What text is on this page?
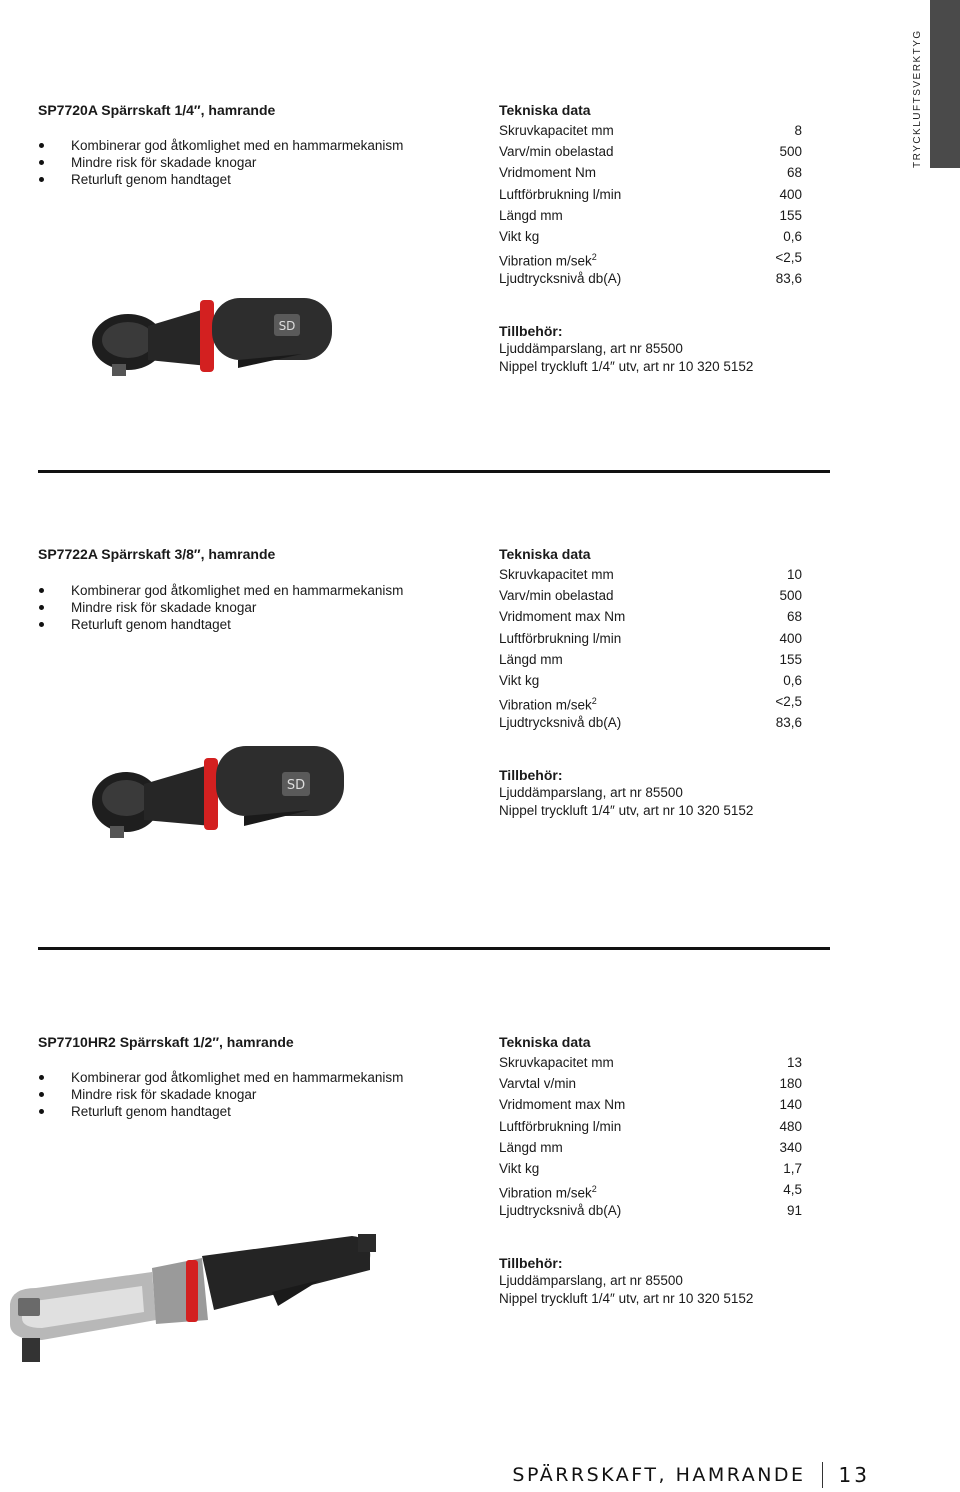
TRYCKLUFTSVERKTYG
SP7720A Spärrskaft 1/4″, hamrande
Kombinerar god åtkomlighet med en hammarmekanism
Mindre risk för skadade knogar
Returluft genom handtaget
Tekniska data
Skruvkapacitet mm	8
Varv/min obelastad	500
Vridmoment Nm	68
Luftförbrukning l/min	400
Längd mm	155
Vikt kg	0,6
Vibration m/sek$^2$	<2,5
Ljudtrycksnivå db(A)	83,6
SD	Tillbehör:
Ljuddämparslang, art nr 85500
Nippel tryckluft 1/4″ utv, art nr 10 320 5152
SP7722A Spärrskaft 3/8″, hamrande
Kombinerar god åtkomlighet med en hammarmekanism
Mindre risk för skadade knogar
Returluft genom handtaget
Tekniska data
Skruvkapacitet mm	10
Varv/min obelastad	500
Vridmoment max Nm	68
Luftförbrukning l/min	400
Längd mm	155
Vikt kg	0,6
Vibration m/sek$^2$	<2,5
Ljudtrycksnivå db(A)	83,6
SD
Tillbehör:
Ljuddämparslang, art nr 85500
Nippel tryckluft 1/4″ utv, art nr 10 320 5152
SP7710HR2 Spärrskaft 1/2″, hamrande
Kombinerar god åtkomlighet med en hammarmekanism
Mindre risk för skadade knogar
Returluft genom handtaget
Tekniska data
Skruvkapacitet mm	13
Varvtal v/min	180
Vridmoment max Nm	140
Luftförbrukning l/min	480
Längd mm	340
Vikt kg	1,7
Vibration m/sek$^2$	4,5
Ljudtrycksnivå db(A)	91
Tillbehör:
Ljuddämparslang, art nr 85500
Nippel tryckluft 1/4″ utv, art nr 10 320 5152
SPÄRRSKAFT, HAMRANDE 13
